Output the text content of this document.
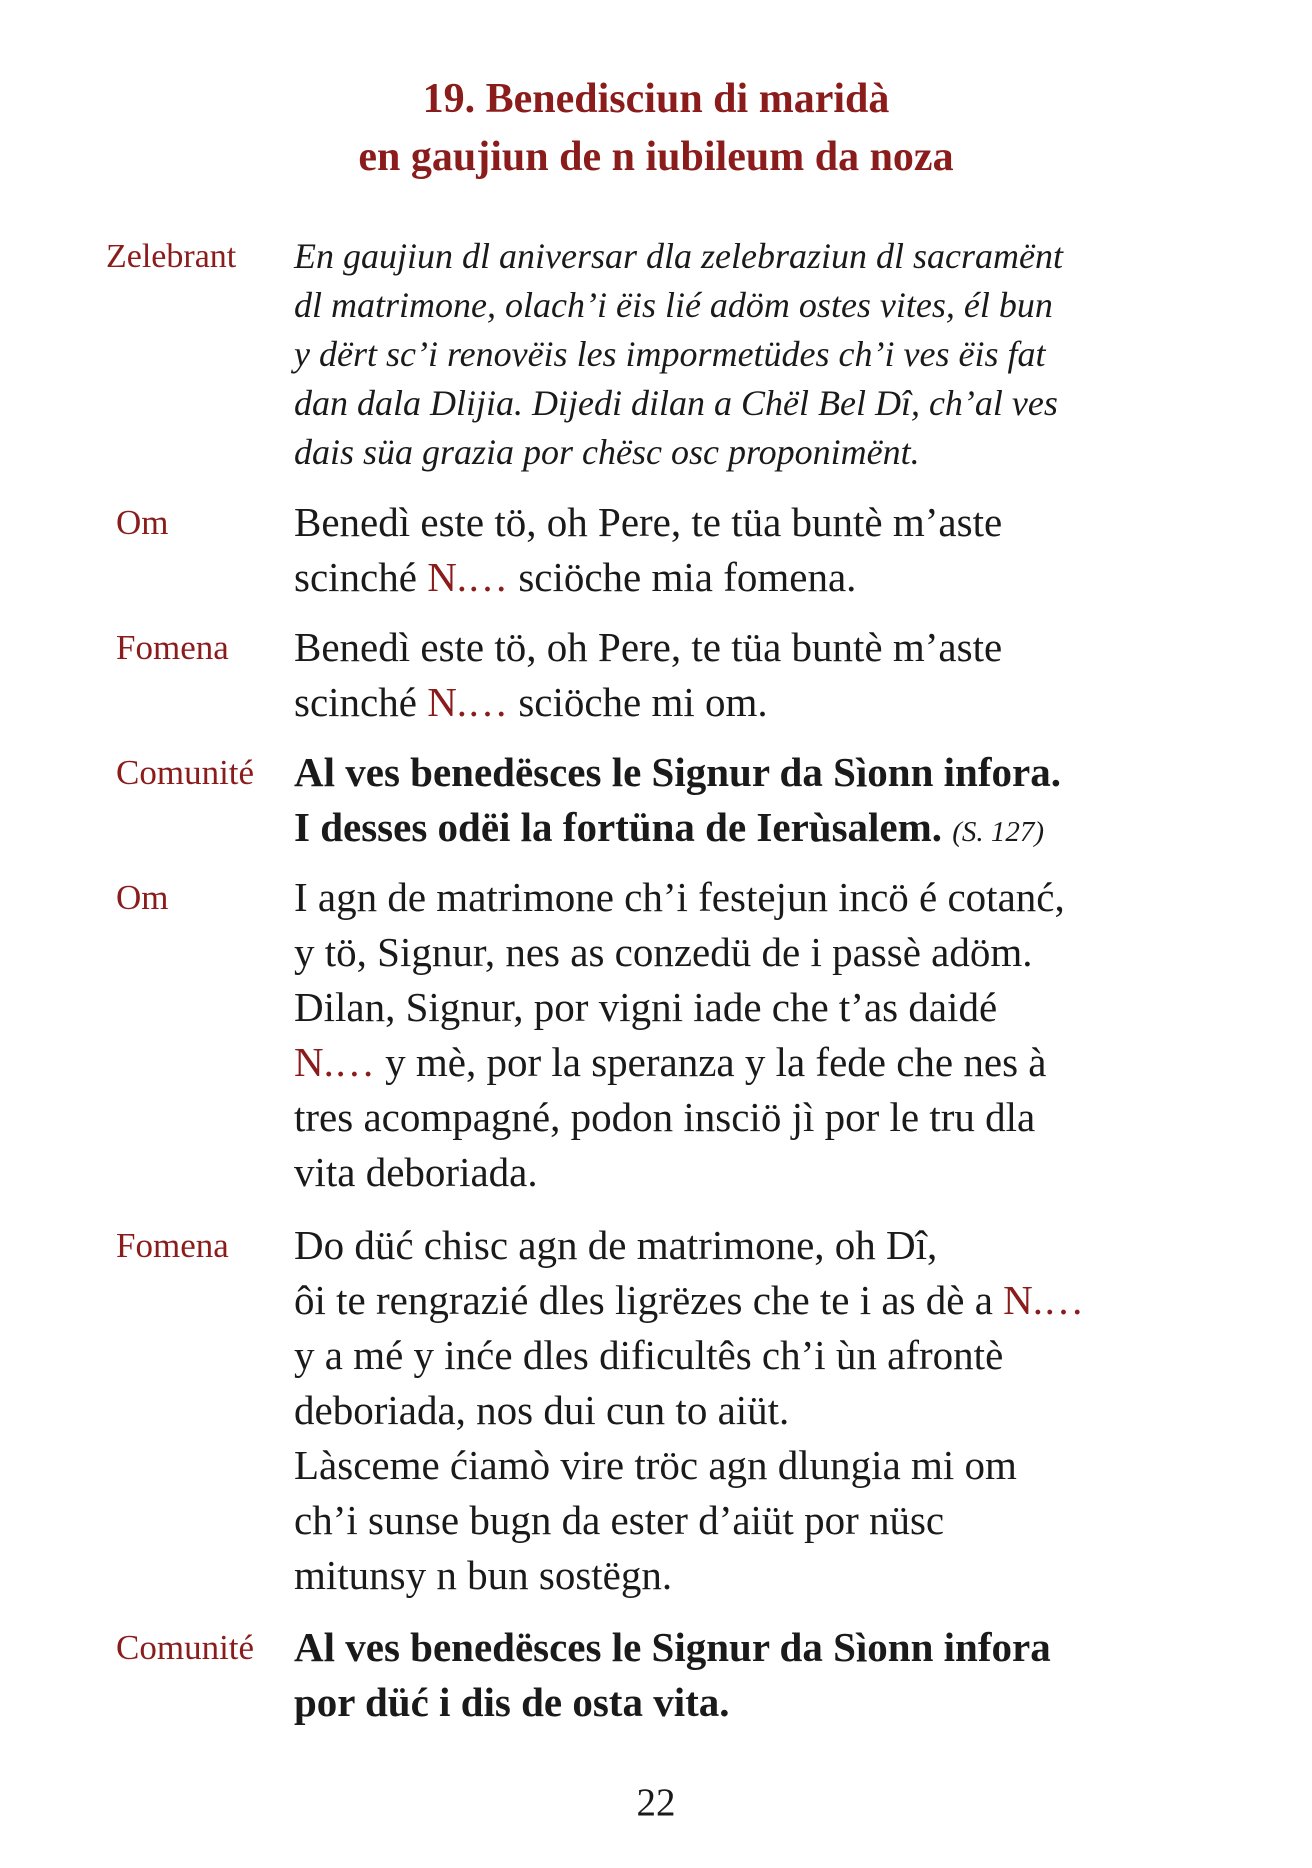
19. Benedisciun di maridà
en gaujiun de n iubileum da noza
Zelebrant En gaujiun dl aniversar dla zelebraziun dl sacramënt
dl matrimone, olach’i ëis lié adöm ostes vites, él bun
y dërt sc’i renovëis les impormetüdes ch’i ves ëis fat
dan dala Dlijia. Dijedi dilan a Chël Bel Dî, ch’al ves
dais süa grazia por chësc osc proponimënt.
Om	Benedì este tö, oh Pere, te tüa buntè m’aste
scinché N.… sciöche mia fomena.
Fomena Benedì este tö, oh Pere, te tüa buntè m’aste
scinché N.… sciöche mi om.
Comunité Al ves benedësces le Signur da Sìonn infora.
I desses odëi la fortüna de Ierùsalem. (S. 127)
Om	I agn de matrimone ch’i festejun incö é cotanć,
y tö, Signur, nes as conzedü de i passè adöm.
Dilan, Signur, por vigni iade che t’as daidé
N.… y mè, por la speranza y la fede che nes à
tres acompagné, podon insciö jì por le tru dla
vita deboriada.
Fomena Do düć chisc agn de matrimone, oh Dî,
ôi te rengrazié dles ligrëzes che te i as dè a N.…
y a mé y inće dles dificultês ch’i ùn afrontè
deboriada, nos dui cun to aiüt.
Làsceme ćiamò vire tröc agn dlungia mi om
ch’i sunse bugn da ester d’aiüt por nüsc
mitunsy n bun sostëgn.
Comunité Al ves benedësces le Signur da Sìonn infora
por düć i dis de osta vita.
22
